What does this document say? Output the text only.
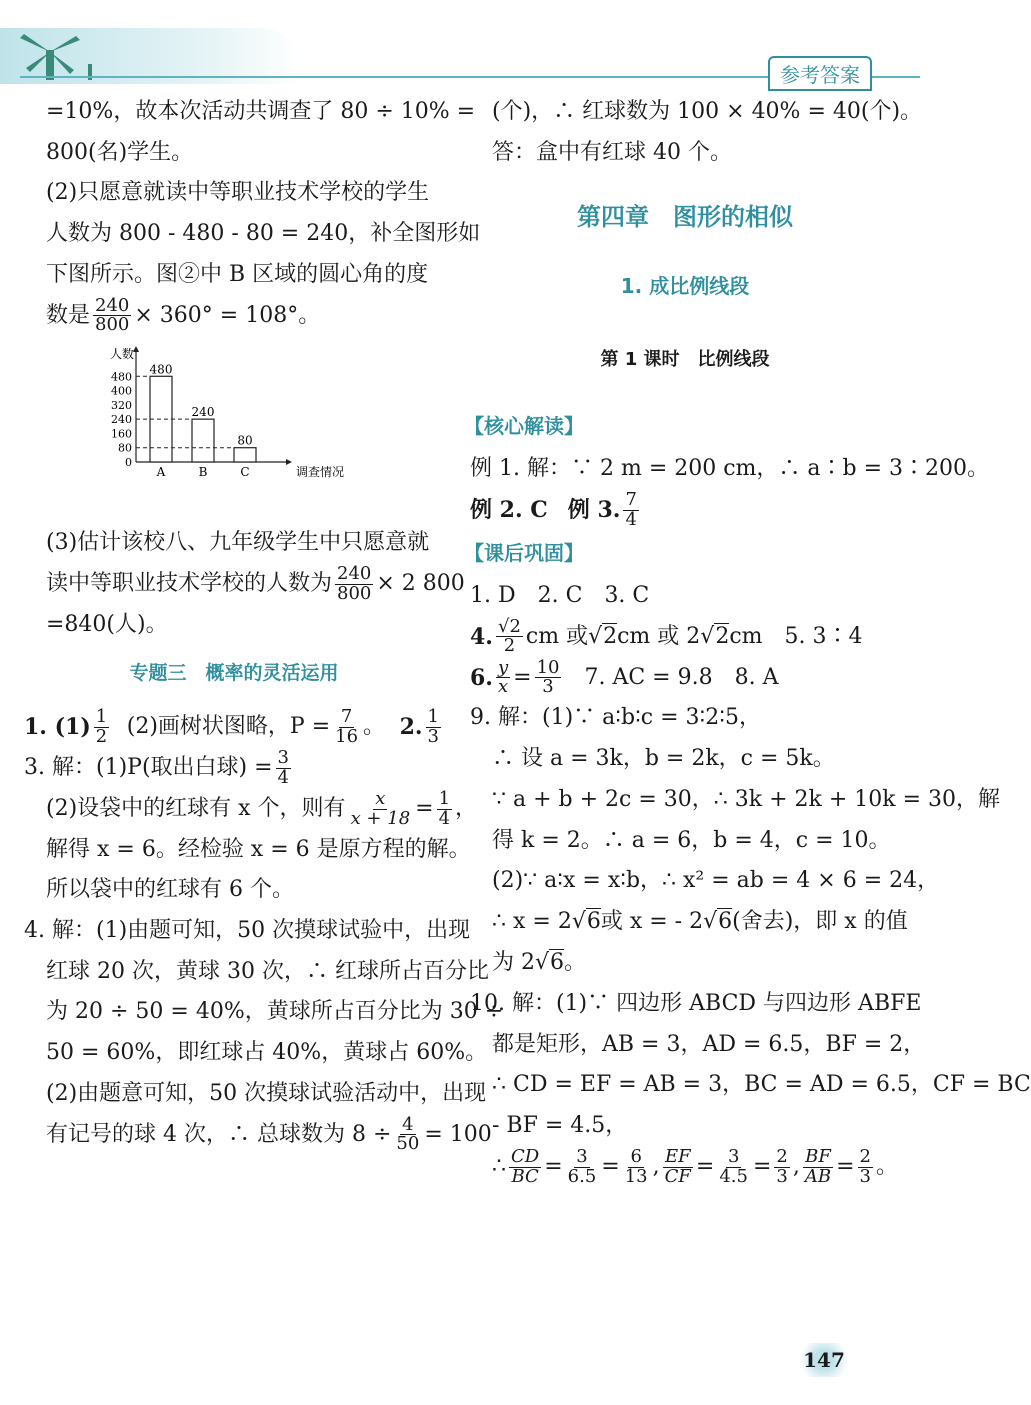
参考答案

=10%，故本次活动共调查了 80 ÷ 10% =

800(名)学生。

(2)只愿意就读中等职业技术学校的学生

人数为 800 - 480 - 80 = 240，补全图形如

下图所示。图②中 B 区域的圆心角的度

数是 $\frac{240}{800} \times 360^\circ = 108^\circ$。
人数
调查情况
0
80
160
240
320
400
480
480
A
240
B
80
C

(3)估计该校八、九年级学生中只愿意就

读中等职业技术学校的人数为 $\frac{240}{800} \times 2$ 800

=840(人)。

专题三　概率的灵活运用
1. $(1) \frac{1}{2} (2)$画树状图略，$P = \frac{7}{16}$ 。 2. $\frac{1}{3}$
3. 解：(1)P(取出白球) = $\frac{3}{4}$
(2)设袋中的红球有 x 个，则有 $\frac{x}{x + 18} = \frac{1}{4}$ ，

解得 x = 6。经检验 x = 6 是原方程的解。

所以袋中的红球有 6 个。

4. 解：(1)由题可知，50 次摸球试验中，出现

红球 20 次，黄球 30 次，∴ 红球所占百分比

为 20 ÷ 50 = 40%，黄球所占百分比为 30 ÷

50 = 60%，即红球占 40%，黄球占 60%。

(2)由题意可知，50 次摸球试验活动中，出现

有记号的球 4 次，∴ 总球数为 $8 \div \frac{4}{50} = 100$

(个)，∴ 红球数为 100 × 40% = 40(个)。

答：盒中有红球 40 个。

第四章　图形的相似
1. 成比例线段
第 1 课时　比例线段
【核心解读】

例 1. 解：∵ 2 m = 200 cm，∴ a∶b = 3∶200。

例 2. C 例 3. $\frac{7}{4}$
【课后巩固】

1. D　2. C　3. C

4. $\frac{√2}{2}$ cm 或 √2 cm 或 2 √2 cm　5. 3∶4
6. $\frac{y}{x} = \frac{10}{3} 7$. AC = 9.8　8. A

9. 解：(1)∵ a∶b∶c = 3∶2∶5，

∴ 设 a = 3k，b = 2k，c = 5k。

∵ a + b + 2c = 30，∴ 3k + 2k + 10k = 30，解

得 k = 2。∴ a = 6，b = 4，c = 10。

(2)∵ a∶x = x∶b，∴ x² = ab = 4 × 6 = 24，

∴ x = 2 √6 或 x = - 2 √6 (舍去)，即 x 的值
为 2 √6 。

10. 解：(1)∵ 四边形 ABCD 与四边形 ABFE

都是矩形，AB = 3，AD = 6.5，BF = 2，

∴ CD = EF = AB = 3，BC = AD = 6.5，CF = BC

- BF = 4.5，

∴ $\frac{CD}{BC} = \frac{3}{6.5} = \frac{6}{13}$ , $\frac{EF}{CF} = \frac{3}{4.5} = \frac{2}{3}$ , $\frac{BF}{AB} = \frac{2}{3}$ 。
147
